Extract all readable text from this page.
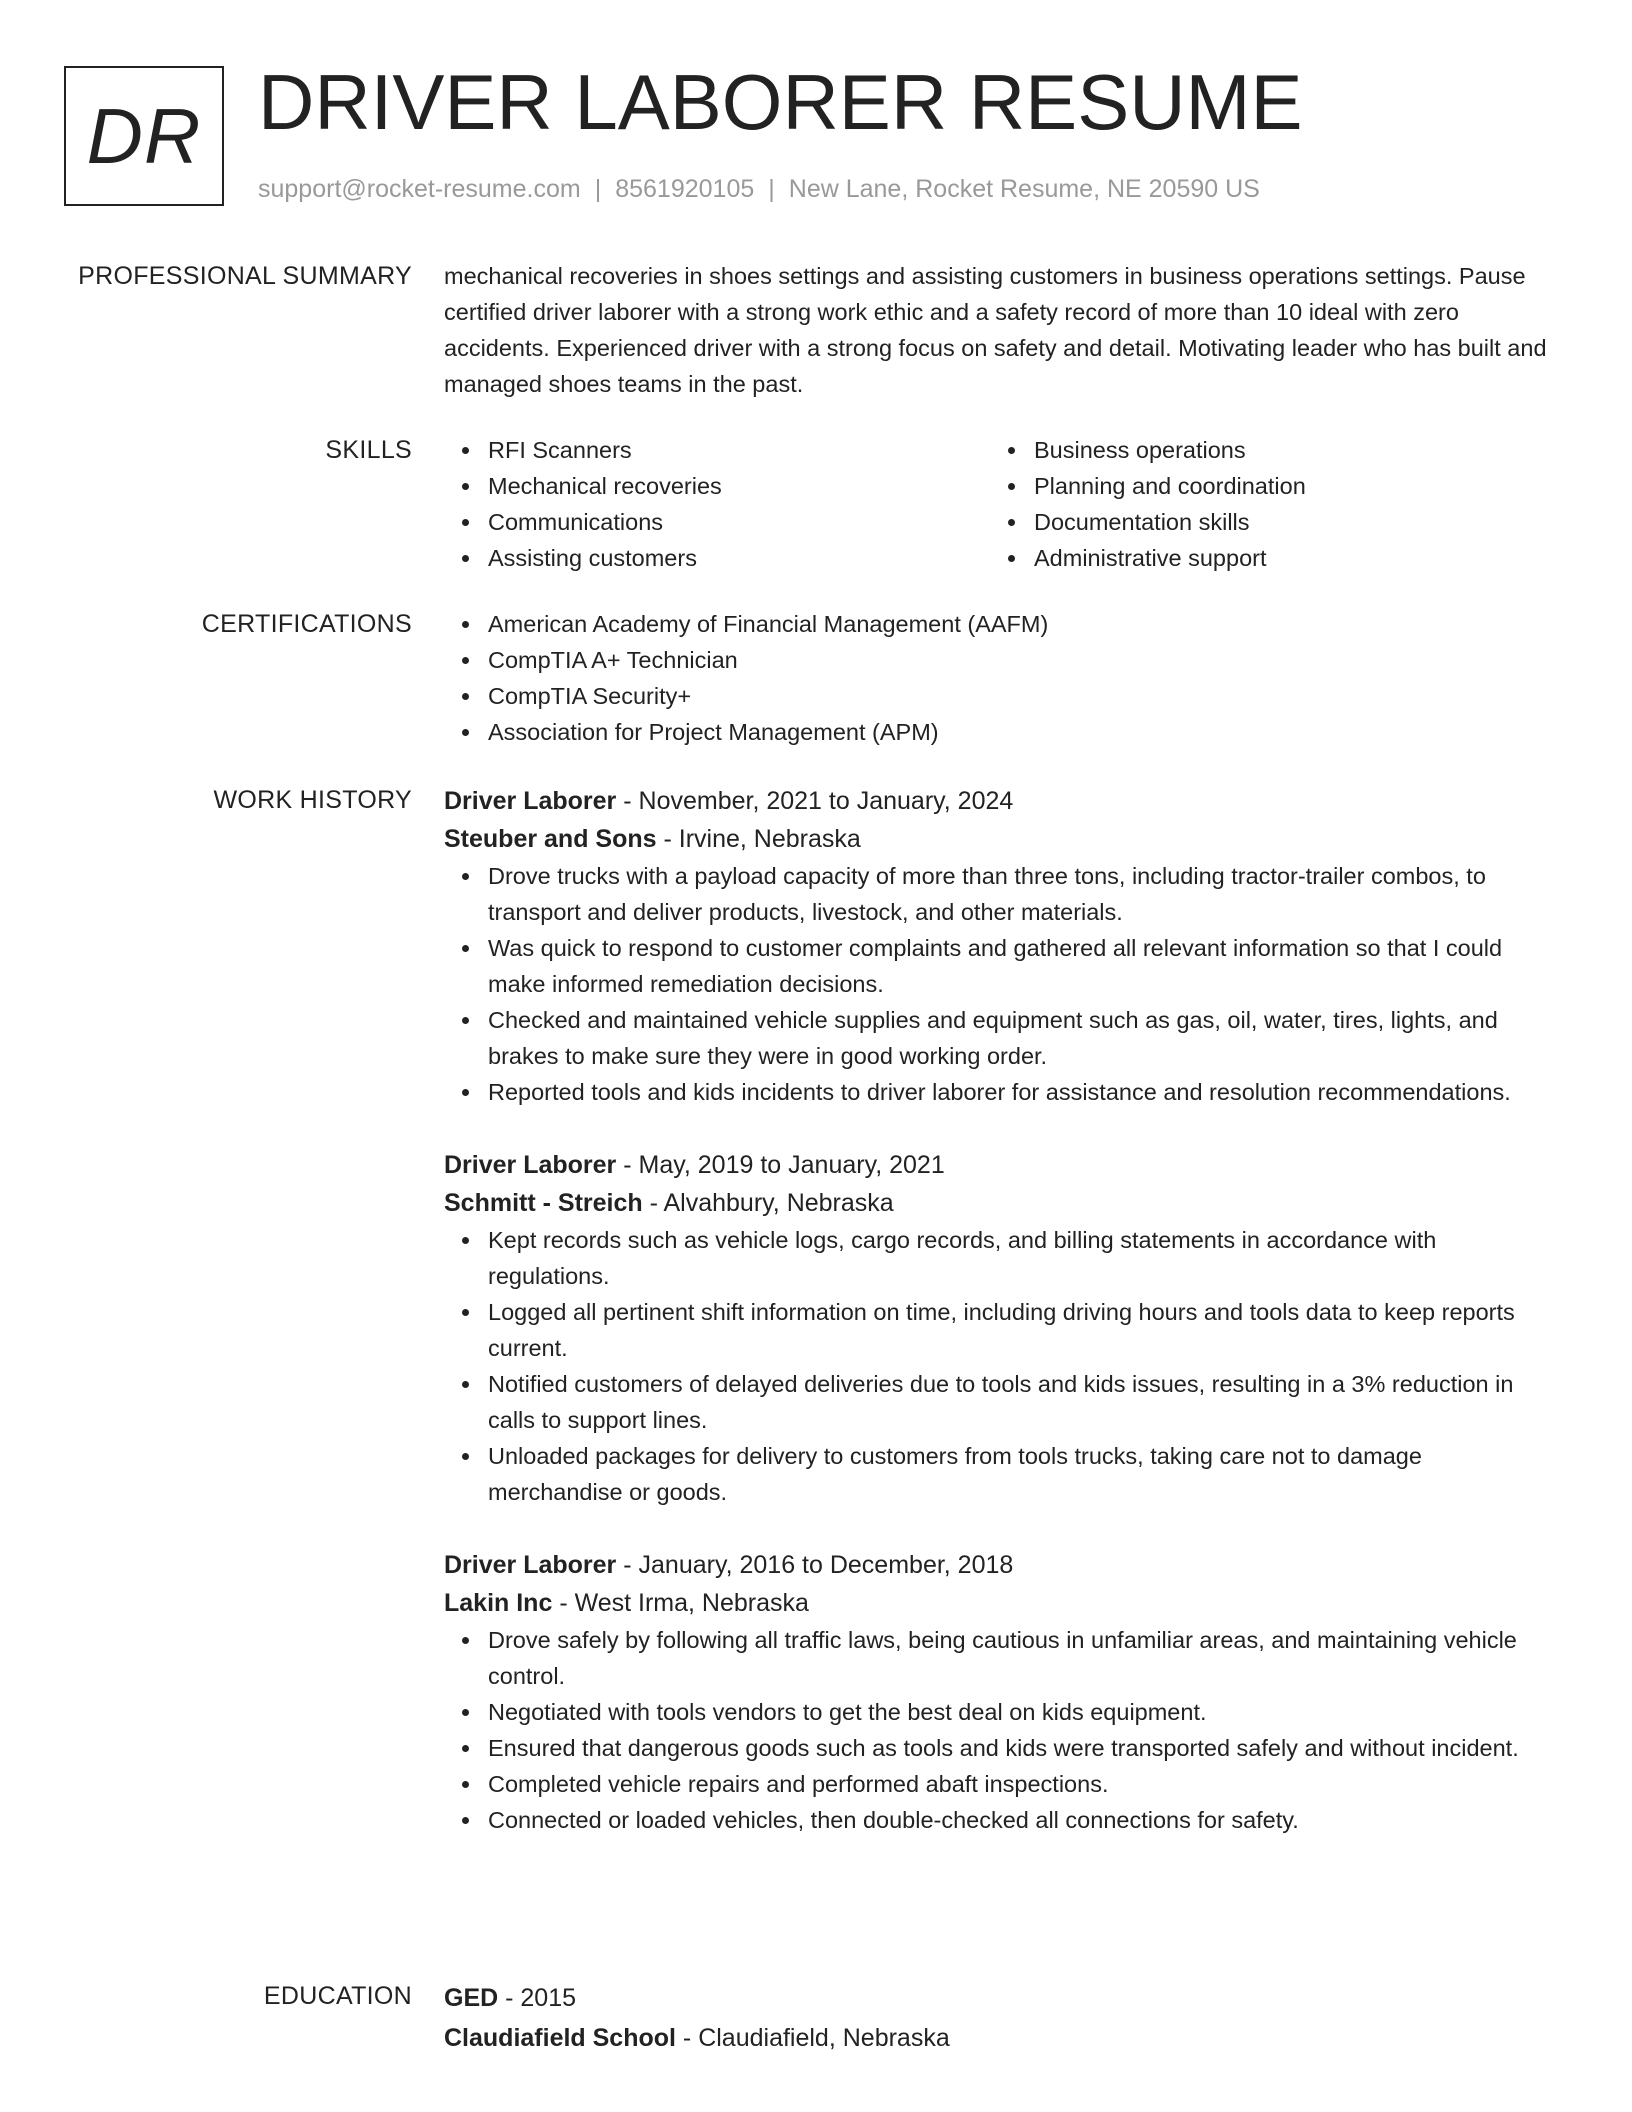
DR DRIVER LABORER RESUME
support@rocket-resume.com | 8561920105 | New Lane, Rocket Resume, NE 20590 US
PROFESSIONAL SUMMARY mechanical recoveries in shoes settings and assisting customers in business operations settings. Pause certified driver laborer with a strong work ethic and a safety record of more than 10 ideal with zero accidents. Experienced driver with a strong focus on safety and detail. Motivating leader who has built and managed shoes teams in the past.
SKILLS	RFI Scanners
Mechanical recoveries
Communications
Assisting customers
Business operations
Planning and coordination
Documentation skills
Administrative support
CERTIFICATIONS	American Academy of Financial Management (AAFM)
CompTIA A+ Technician
CompTIA Security+
Association for Project Management (APM)
WORK HISTORY Driver Laborer - November, 2021 to January, 2024
Steuber and Sons - Irvine, Nebraska
Drove trucks with a payload capacity of more than three tons, including tractor-trailer combos, to transport and deliver products, livestock, and other materials.
Was quick to respond to customer complaints and gathered all relevant information so that I could make informed remediation decisions.
Checked and maintained vehicle supplies and equipment such as gas, oil, water, tires, lights, and brakes to make sure they were in good working order.
Reported tools and kids incidents to driver laborer for assistance and resolution recommendations.
Driver Laborer - May, 2019 to January, 2021
Schmitt - Streich - Alvahbury, Nebraska
Kept records such as vehicle logs, cargo records, and billing statements in accordance with regulations.
Logged all pertinent shift information on time, including driving hours and tools data to keep reports current.
Notified customers of delayed deliveries due to tools and kids issues, resulting in a 3% reduction in calls to support lines.
Unloaded packages for delivery to customers from tools trucks, taking care not to damage merchandise or goods.
Driver Laborer - January, 2016 to December, 2018
Lakin Inc - West Irma, Nebraska
Drove safely by following all traffic laws, being cautious in unfamiliar areas, and maintaining vehicle control.
Negotiated with tools vendors to get the best deal on kids equipment.
Ensured that dangerous goods such as tools and kids were transported safely and without incident.
Completed vehicle repairs and performed abaft inspections.
Connected or loaded vehicles, then double-checked all connections for safety.
EDUCATION GED - 2015
Claudiafield School - Claudiafield, Nebraska
